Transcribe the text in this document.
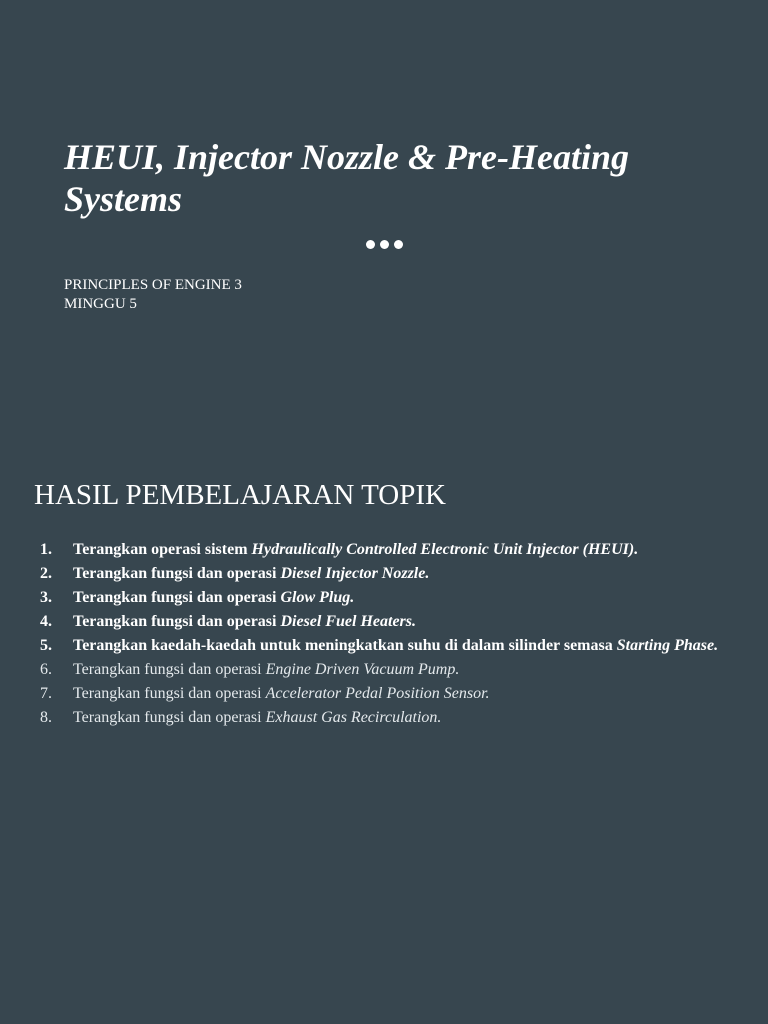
HEUI, Injector Nozzle & Pre-Heating Systems
PRINCIPLES OF ENGINE 3
MINGGU 5
HASIL PEMBELAJARAN TOPIK
1.	Terangkan operasi sistem Hydraulically Controlled Electronic Unit Injector (HEUI).
2.	Terangkan fungsi dan operasi Diesel Injector Nozzle.
3.	Terangkan fungsi dan operasi Glow Plug.
4.	Terangkan fungsi dan operasi Diesel Fuel Heaters.
5.	Terangkan kaedah-kaedah untuk meningkatkan suhu di dalam silinder semasa Starting Phase.
6.	Terangkan fungsi dan operasi Engine Driven Vacuum Pump.
7.	Terangkan fungsi dan operasi Accelerator Pedal Position Sensor.
8.	Terangkan fungsi dan operasi Exhaust Gas Recirculation.
